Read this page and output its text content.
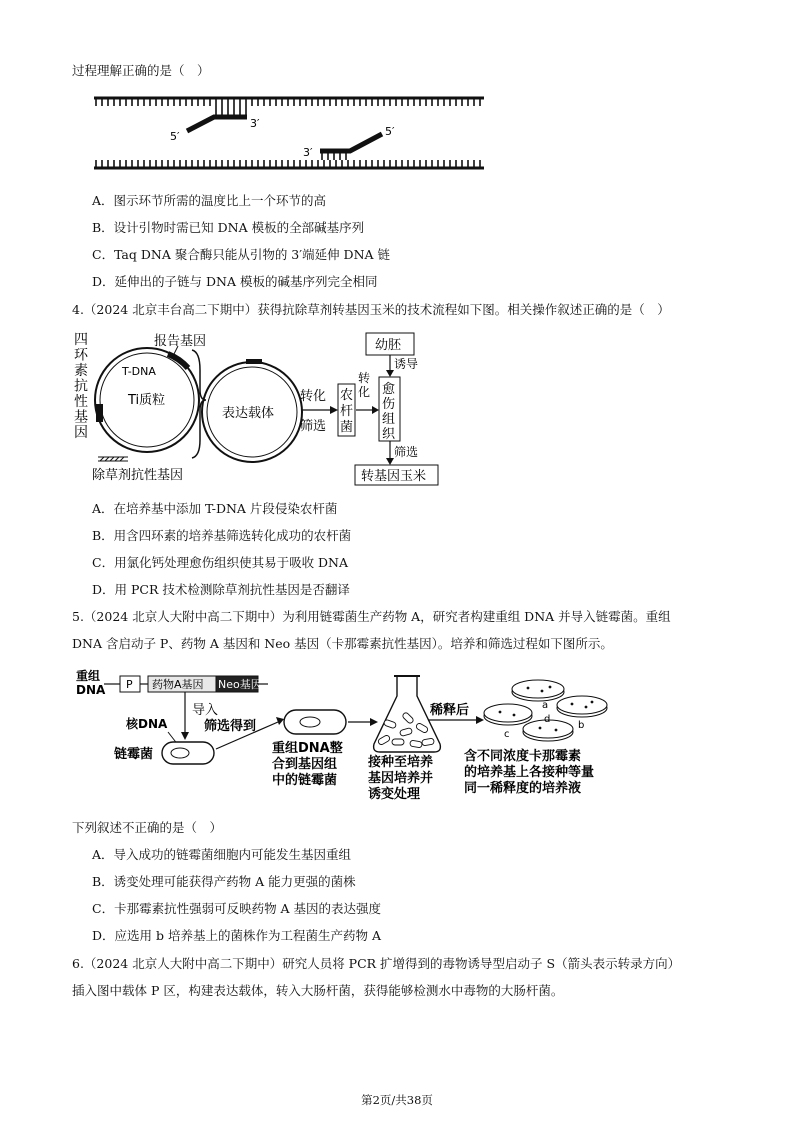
过程理解正确的是（　）
5′
3′
3′
5′
A．图示环节所需的温度比上一个环节的高
B．设计引物时需已知 DNA 模板的全部碱基序列
C．Taq DNA 聚合酶只能从引物的 3′端延伸 DNA 链
D．延伸出的子链与 DNA 模板的碱基序列完全相同
4.（2024 北京丰台高二下期中）获得抗除草剂转基因玉米的技术流程如下图。相关操作叙述正确的是（　）
四
环
素
抗
性
基
因
报告基因
T-DNA
Ti质粒
除草剂抗性基因
表达载体
转化
筛选
农
杆
菌
转
化
幼胚
诱导
愈
伤
组
织
筛选
转基因玉米
A．在培养基中添加 T-DNA 片段侵染农杆菌
B．用含四环素的培养基筛选转化成功的农杆菌
C．用氯化钙处理愈伤组织使其易于吸收 DNA
D．用 PCR 技术检测除草剂抗性基因是否翻译
5.（2024 北京人大附中高二下期中）为利用链霉菌生产药物 A，研究者构建重组 DNA 并导入链霉菌。重组
DNA 含启动子 P、药物 A 基因和 Neo 基因（卡那霉素抗性基因）。培养和筛选过程如下图所示。
重组
DNA P 药物A基因 Neo基因
导入
核DNA
链霉菌
筛选得到
重组DNA整
合到基因组
中的链霉菌
接种至培养
基因培养并
诱变处理
稀释后	a
b
c
d
含不同浓度卡那霉素
的培养基上各接种等量
同一稀释度的培养液
下列叙述不正确的是（　）
A．导入成功的链霉菌细胞内可能发生基因重组
B．诱变处理可能获得产药物 A 能力更强的菌株
C．卡那霉素抗性强弱可反映药物 A 基因的表达强度
D．应选用 b 培养基上的菌株作为工程菌生产药物 A
6.（2024 北京人大附中高二下期中）研究人员将 PCR 扩增得到的毒物诱导型启动子 S（箭头表示转录方向）
插入图中载体 P 区，构建表达载体，转入大肠杆菌，获得能够检测水中毒物的大肠杆菌。
第2页/共38页
